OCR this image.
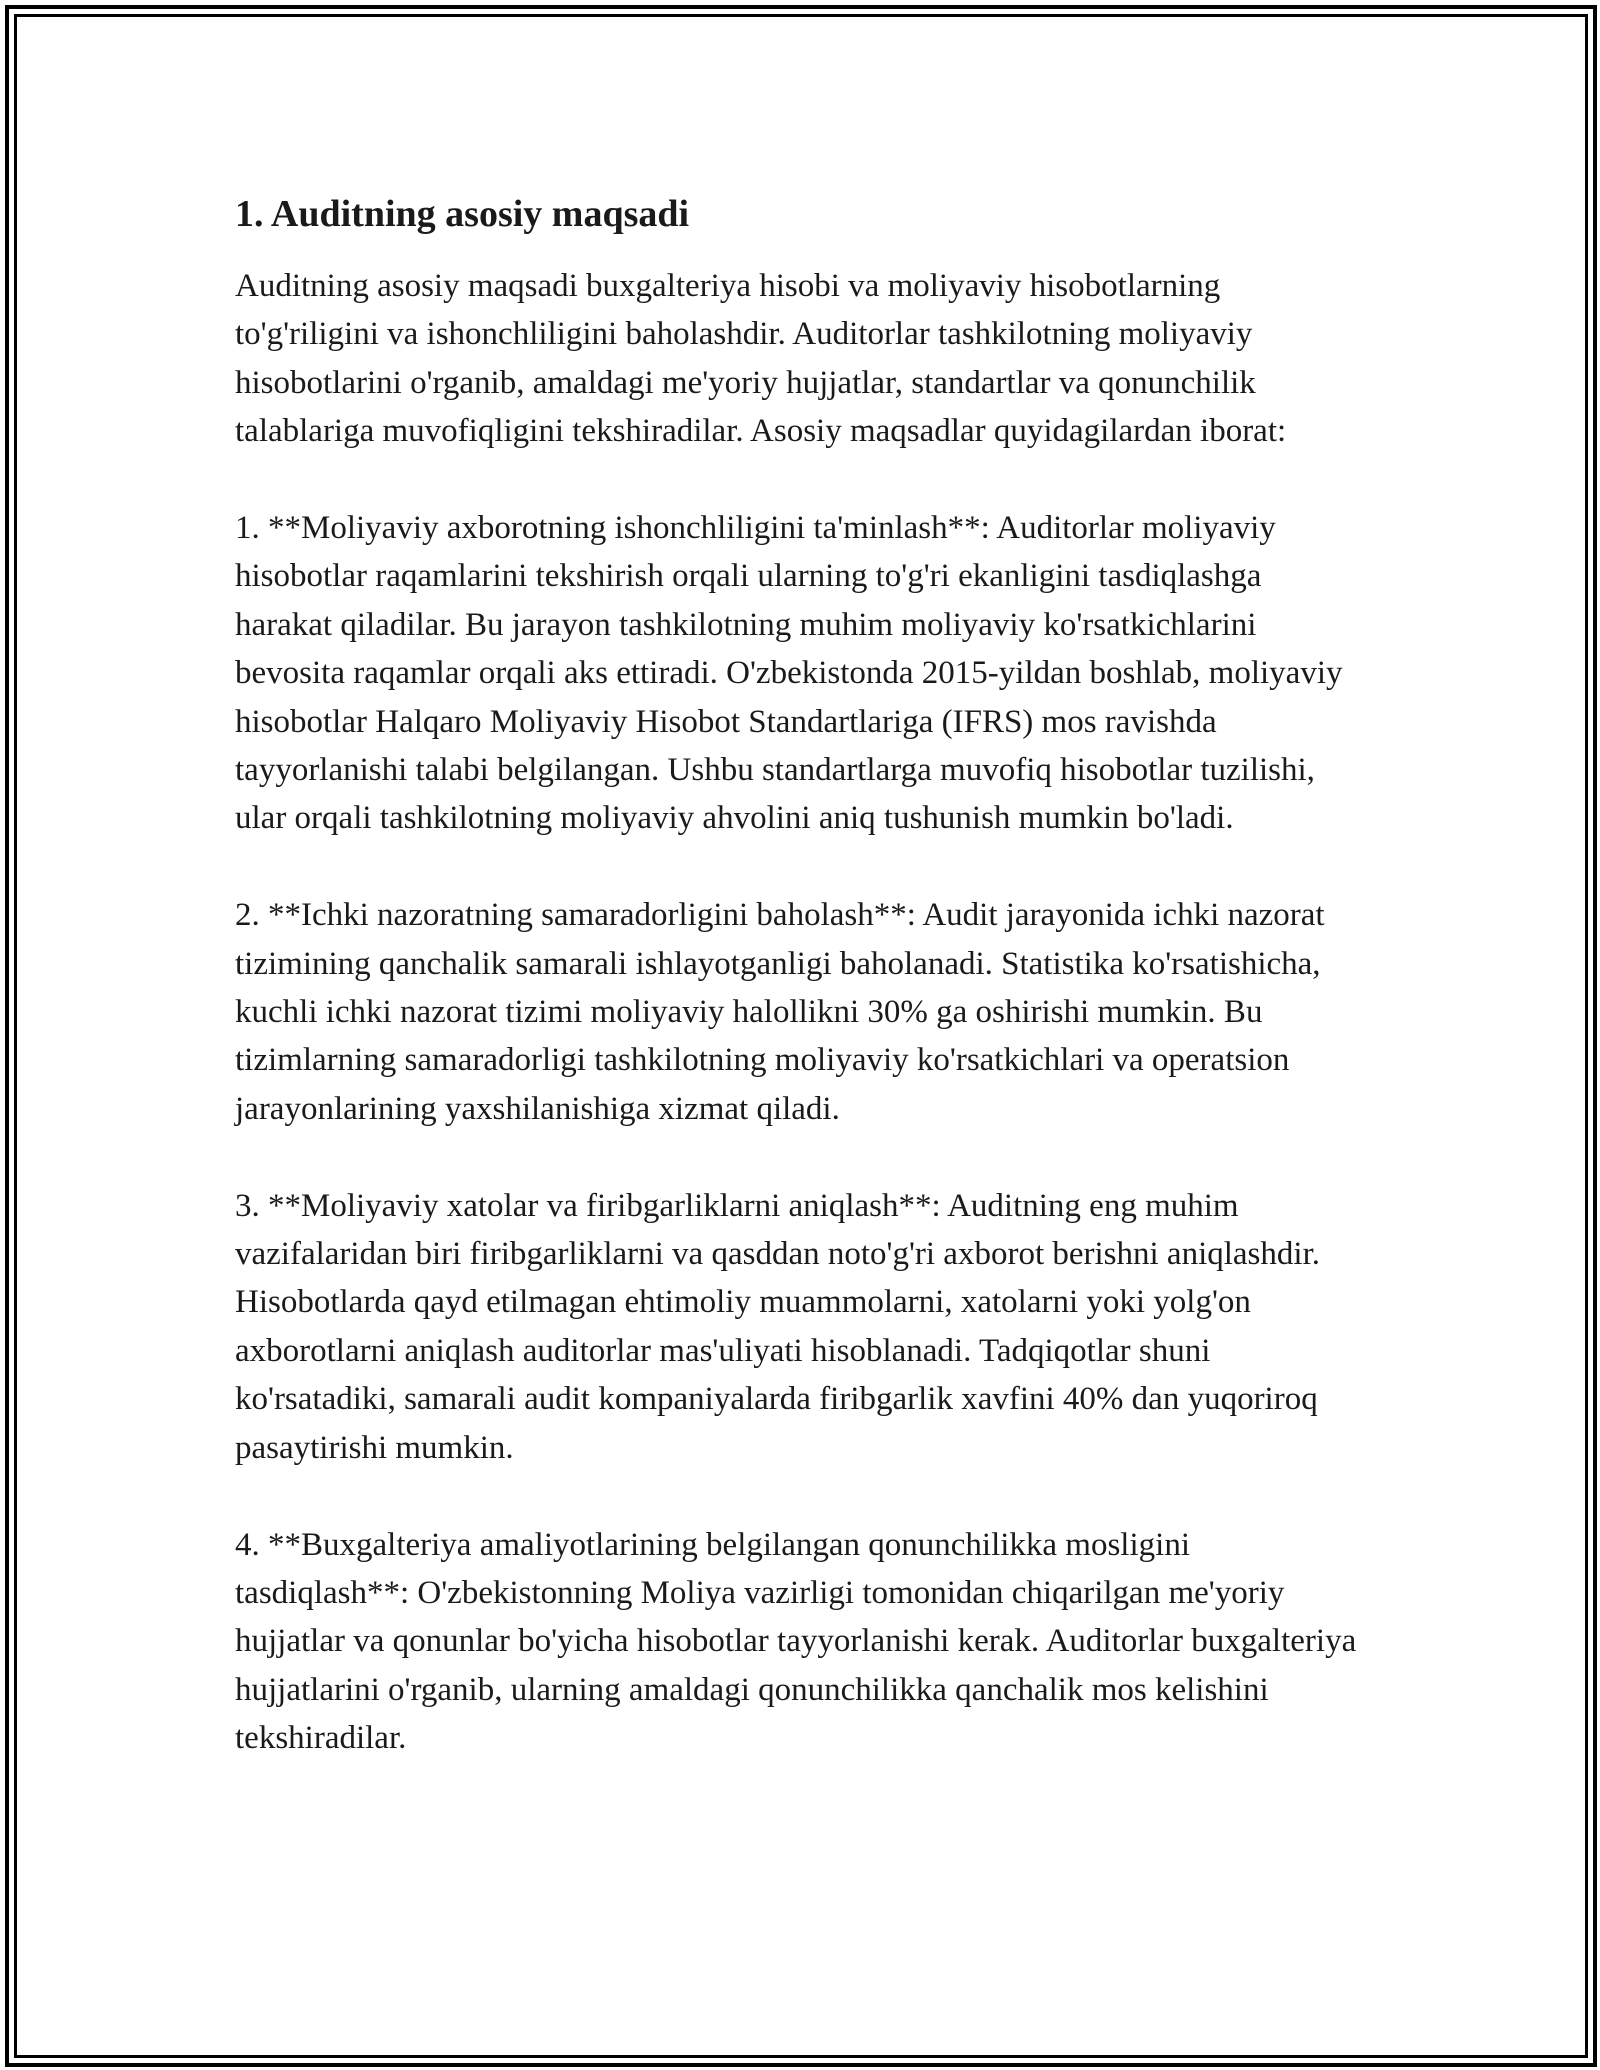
1. Auditning asosiy maqsadi

Auditning asosiy maqsadi buxgalteriya hisobi va moliyaviy hisobotlarning to'g'riligini va ishonchliligini baholashdir. Auditorlar tashkilotning moliyaviy hisobotlarini o'rganib, amaldagi me'yoriy hujjatlar, standartlar va qonunchilik talablariga muvofiqligini tekshiradilar. Asosiy maqsadlar quyidagilardan iborat:

1. **Moliyaviy axborotning ishonchliligini ta'minlash**: Auditorlar moliyaviy hisobotlar raqamlarini tekshirish orqali ularning to'g'ri ekanligini tasdiqlashga harakat qiladilar. Bu jarayon tashkilotning muhim moliyaviy ko'rsatkichlarini bevosita raqamlar orqali aks ettiradi. O'zbekistonda 2015-yildan boshlab, moliyaviy hisobotlar Halqaro Moliyaviy Hisobot Standartlariga (IFRS) mos ravishda tayyorlanishi talabi belgilangan. Ushbu standartlarga muvofiq hisobotlar tuzilishi, ular orqali tashkilotning moliyaviy ahvolini aniq tushunish mumkin bo'ladi.

2. **Ichki nazoratning samaradorligini baholash**: Audit jarayonida ichki nazorat tizimining qanchalik samarali ishlayotganligi baholanadi. Statistika ko'rsatishicha, kuchli ichki nazorat tizimi moliyaviy halollikni 30% ga oshirishi mumkin. Bu tizimlarning samaradorligi tashkilotning moliyaviy ko'rsatkichlari va operatsion jarayonlarining yaxshilanishiga xizmat qiladi.

3. **Moliyaviy xatolar va firibgarliklarni aniqlash**: Auditning eng muhim vazifalaridan biri firibgarliklarni va qasddan noto'g'ri axborot berishni aniqlashdir. Hisobotlarda qayd etilmagan ehtimoliy muammolarni, xatolarni yoki yolg'on axborotlarni aniqlash auditorlar mas'uliyati hisoblanadi. Tadqiqotlar shuni ko'rsatadiki, samarali audit kompaniyalarda firibgarlik xavfini 40% dan yuqoriroq pasaytirishi mumkin.

4. **Buxgalteriya amaliyotlarining belgilangan qonunchilikka mosligini tasdiqlash**: O'zbekistonning Moliya vazirligi tomonidan chiqarilgan me'yoriy hujjatlar va qonunlar bo'yicha hisobotlar tayyorlanishi kerak. Auditorlar buxgalteriya hujjatlarini o'rganib, ularning amaldagi qonunchilikka qanchalik mos kelishini tekshiradilar.
